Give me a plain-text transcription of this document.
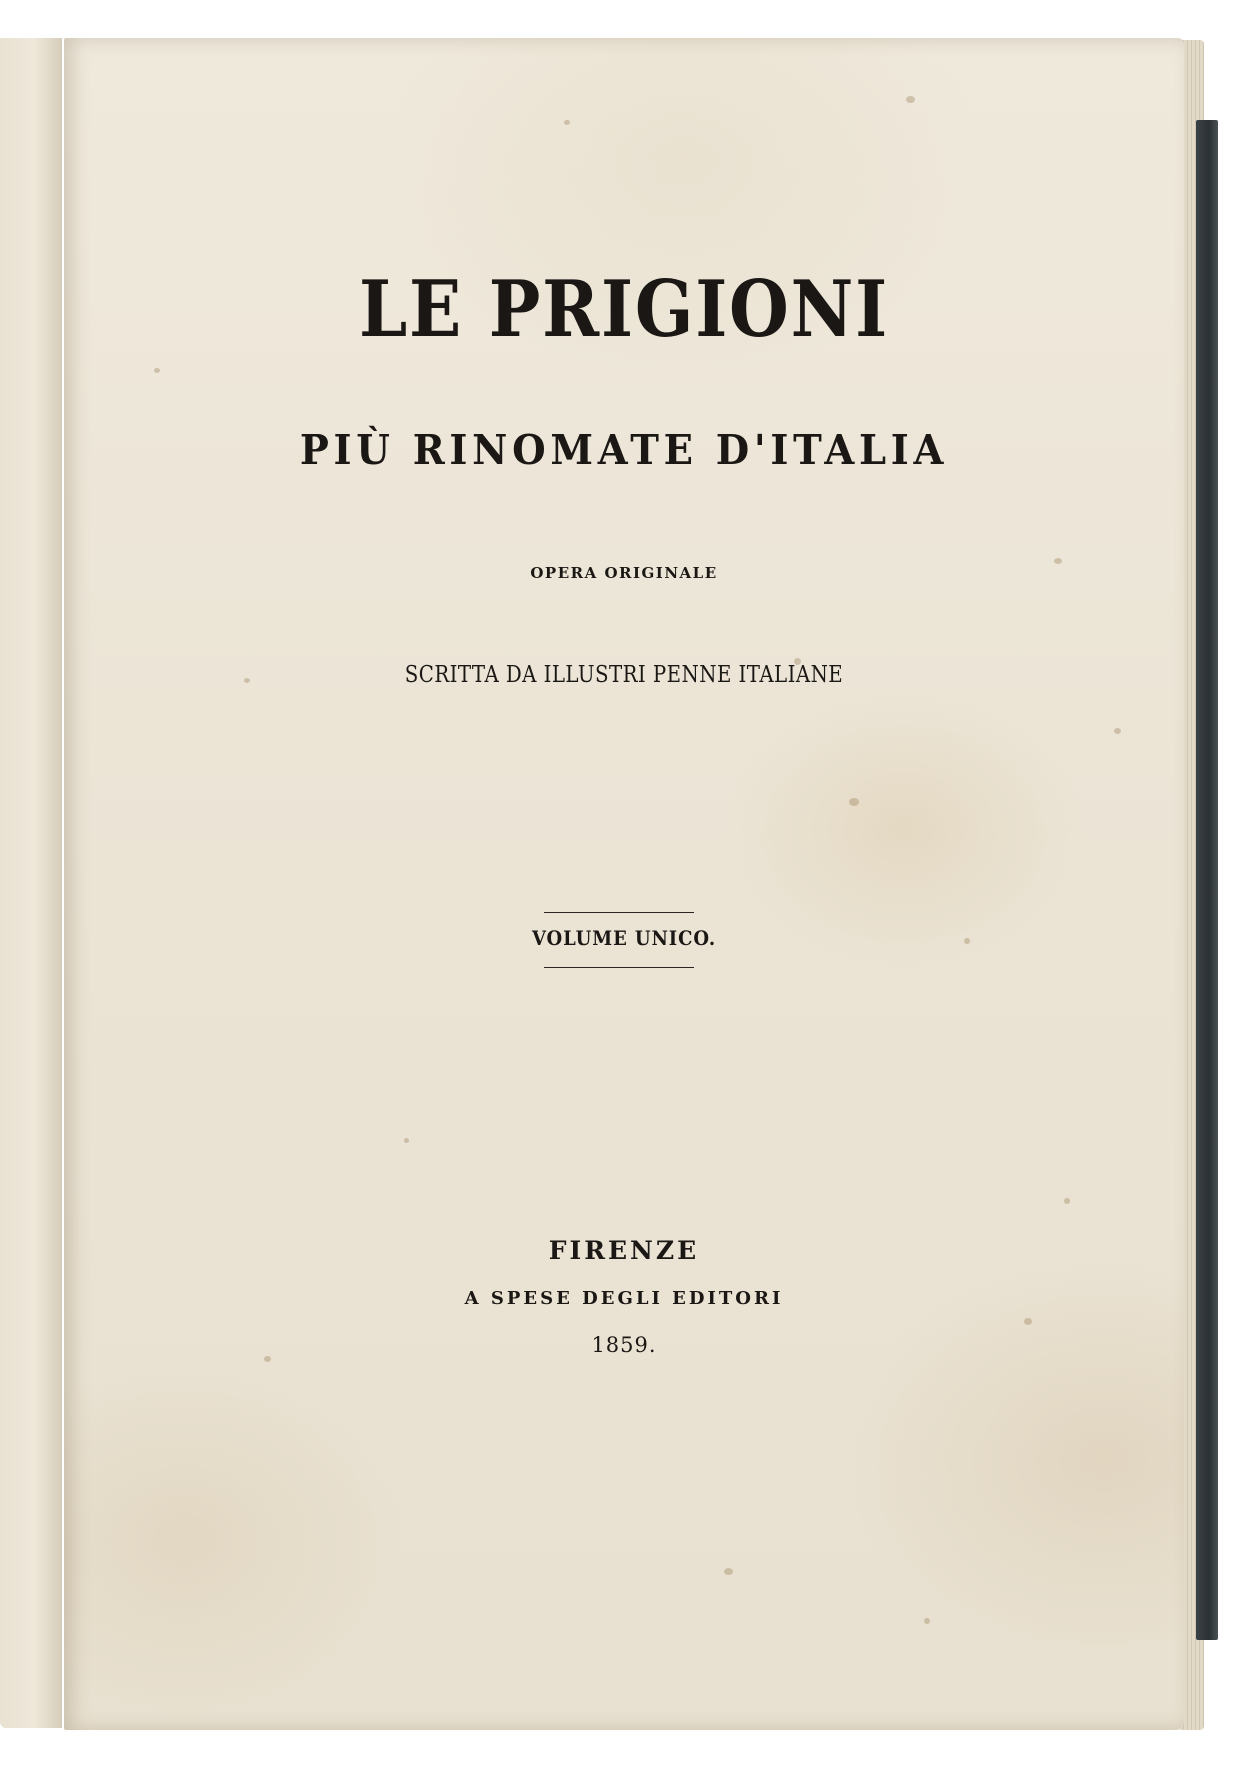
LE PRIGIONI
PIÙ RINOMATE D'ITALIA
OPERA ORIGINALE
SCRITTA DA ILLUSTRI PENNE ITALIANE
VOLUME UNICO.
FIRENZE
A SPESE DEGLI EDITORI
1859.
